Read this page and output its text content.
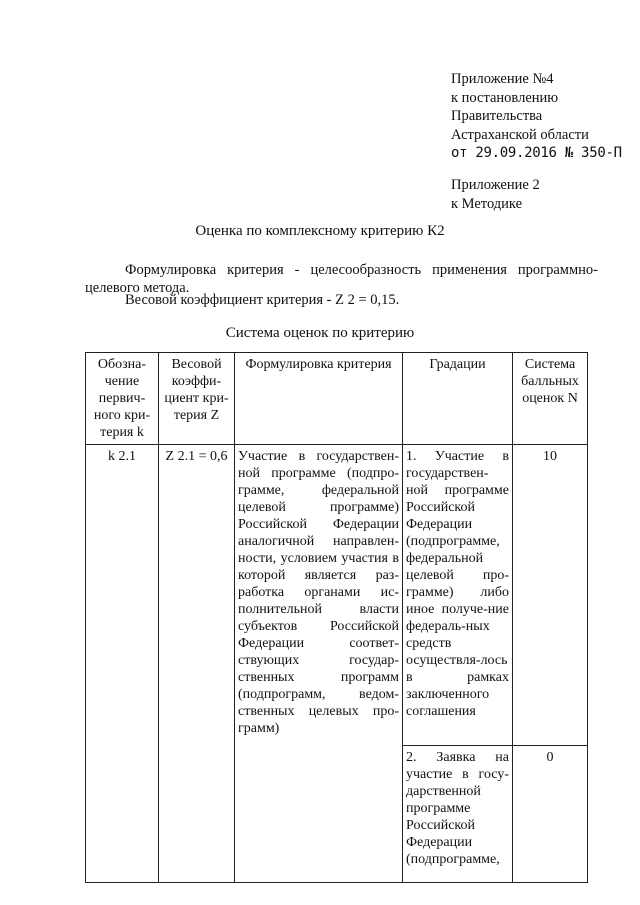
Приложение №4
к постановлению
Правительства
Астраханской области
от 29.09.2016 № 350-П
Приложение 2
к Методике
Оценка по комплексному критерию К2
Формулировка критерия - целесообразность применения программно-целевого метода.
Весовой коэффициент критерия - Z 2 = 0,15.
Система оценок по критерию
Обозна-чение первич-ного кри-терия k	Весовой коэффи-циент кри-терия Z	Формулировка критерия	Градации	Система балльных оценок N
k 2.1	Z 2.1 = 0,6	Участие в государствен-ной программе (подпро-грамме, федеральной целевой программе) Российской Федерации аналогичной направлен-ности, условием участия в которой является раз-работка органами ис-полнительной власти субъектов Российской Федерации соответ-ствующих государ-ственных программ (подпрограмм, ведом-ственных целевых про-грамм)	1. Участие в государствен-ной программе Российской Федерации (подпрограмме, федеральной целевой про-грамме) либо иное получе-ние федераль-ных средств осуществля-лось в рамках заключенного соглашения	10
			2. Заявка на участие в госу-дарственной программе Российской Федерации (подпрограмме,	0
